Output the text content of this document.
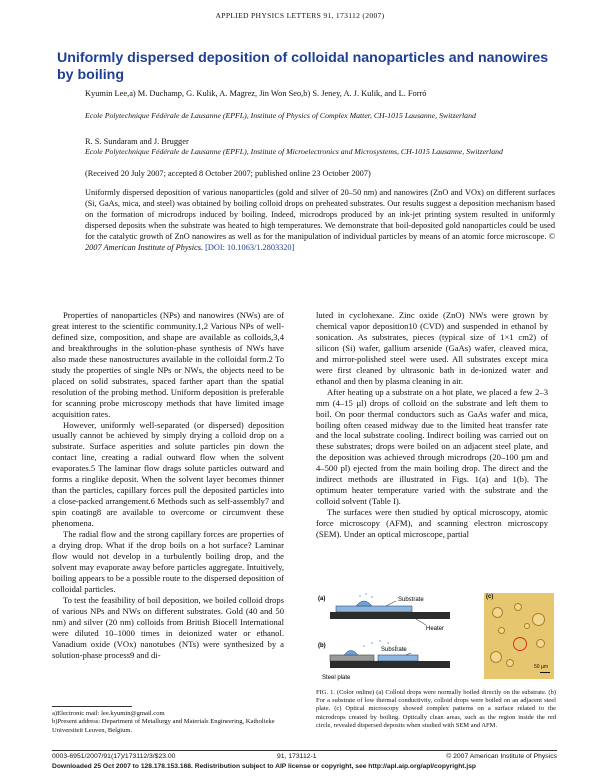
APPLIED PHYSICS LETTERS 91, 173112 (2007)
Uniformly dispersed deposition of colloidal nanoparticles and nanowires by boiling
Kyumin Lee,a) M. Duchamp, G. Kulik, A. Magrez, Jin Won Seo,b) S. Jeney, A. J. Kulik, and L. Forró
Ecole Polytechnique Fédérale de Lausanne (EPFL), Institute of Physics of Complex Matter, CH-1015 Lausanne, Switzerland
R. S. Sundaram and J. Brugger
Ecole Polytechnique Fédérale de Lausanne (EPFL), Institute of Microelectronics and Microsystems, CH-1015 Lausanne, Switzerland
(Received 20 July 2007; accepted 8 October 2007; published online 23 October 2007)
Uniformly dispersed deposition of various nanoparticles (gold and silver of 20–50 nm) and nanowires (ZnO and VOx) on different surfaces (Si, GaAs, mica, and steel) was obtained by boiling colloid drops on preheated substrates. Our results suggest a deposition mechanism based on the formation of microdrops induced by boiling. Indeed, microdrops produced by an ink-jet printing system resulted in uniformly dispersed deposits when the substrate was heated to high temperatures. We demonstrate that boil-deposited gold nanoparticles could be used for the catalytic growth of ZnO nanowires as well as for the manipulation of individual particles by means of an atomic force microscope. © 2007 American Institute of Physics. [DOI: 10.1063/1.2803320]

Properties of nanoparticles (NPs) and nanowires (NWs) are of great interest to the scientific community.1,2 Various NPs of well-defined size, composition, and shape are available as colloids,3,4 and breakthroughs in the solution-phase synthesis of NWs have also made these nanostructures available in the colloidal form.2 To study the properties of single NPs or NWs, the objects need to be placed on solid substrates, spaced farther apart than the spatial resolution of the probing method. Uniform deposition is preferable for scanning probe microscopy methods that have limited image acquisition rates.

However, uniformly well-separated (or dispersed) deposition usually cannot be achieved by simply drying a colloid drop on a substrate. Surface asperities and solute particles pin down the contact line, creating a radial outward flow when the solvent evaporates.5 The laminar flow drags solute particles outward and forms a ringlike deposit. When the solvent layer becomes thinner than the particles, capillary forces pull the deposited particles into a close-packed arrangement.6 Methods such as self-assembly7 and spin coating8 are available to overcome or circumvent these phenomena.

The radial flow and the strong capillary forces are properties of a drying drop. What if the drop boils on a hot surface? Laminar flow would not develop in a turbulently boiling drop, and the solvent may evaporate away before particles aggregate. Intuitively, boiling appears to be a possible route to the dispersed deposition of colloidal particles.

To test the feasibility of boil deposition, we boiled colloid drops of various NPs and NWs on different substrates. Gold (40 and 50 nm) and silver (20 nm) colloids from British Biocell International were diluted 10–1000 times in deionized water or ethanol. Vanadium oxide (VOx) nanotubes (NTs) were synthesized by a solution-phase process9 and di-

luted in cyclohexane. Zinc oxide (ZnO) NWs were grown by chemical vapor deposition10 (CVD) and suspended in ethanol by sonication. As substrates, pieces (typical size of 1×1 cm2) of silicon (Si) wafer, gallium arsenide (GaAs) wafer, cleaved mica, and mirror-polished steel were used. All substrates except mica were first cleaned by ultrasonic bath in de-ionized water and ethanol and then by plasma cleaning in air.

After heating up a substrate on a hot plate, we placed a few 2–3 mm (4–15 µl) drops of colloid on the substrate and left them to boil. On poor thermal conductors such as GaAs wafer and mica, boiling often ceased midway due to the limited heat transfer rate and the local substrate cooling. Indirect boiling was carried out on these substrates; drops were boiled on an adjacent steel plate, and the deposition was achieved through microdrops (20–100 µm and 4–500 pl) ejected from the main boiling drop. The direct and the indirect methods are illustrated in Figs. 1(a) and 1(b). The optimum heater temperature varied with the substrate and the colloid solvent (Table I).

The surfaces were then studied by optical microscopy, atomic force microscopy (AFM), and scanning electron microscopy (SEM). Under an optical microscope, partial

(a)	Substrate
Heater
(b)
Substrate
Steel plate
(c)
50 µm
FIG. 1. (Color online) (a) Colloid drops were normally boiled directly on the substrate. (b) For a substrate of low thermal conductivity, colloid drops were boiled on an adjacent steel plate. (c) Optical microscopy showed complex patterns on a surface related to the microdrops created by boiling. Optically clean areas, such as the region inside the red circle, revealed dispersed deposits when studied with SEM and AFM.
a)Electronic mail: lee.kyumin@gmail.com
b)Present address: Department of Metallurgy and Materials Engineering, Katholieke Universiteit Leuven, Belgium.
0003-6951/2007/91(17)/173112/3/$23.00	91, 173112-1	© 2007 American Institute of Physics
Downloaded 25 Oct 2007 to 128.178.153.168. Redistribution subject to AIP license or copyright, see http://apl.aip.org/apl/copyright.jsp
